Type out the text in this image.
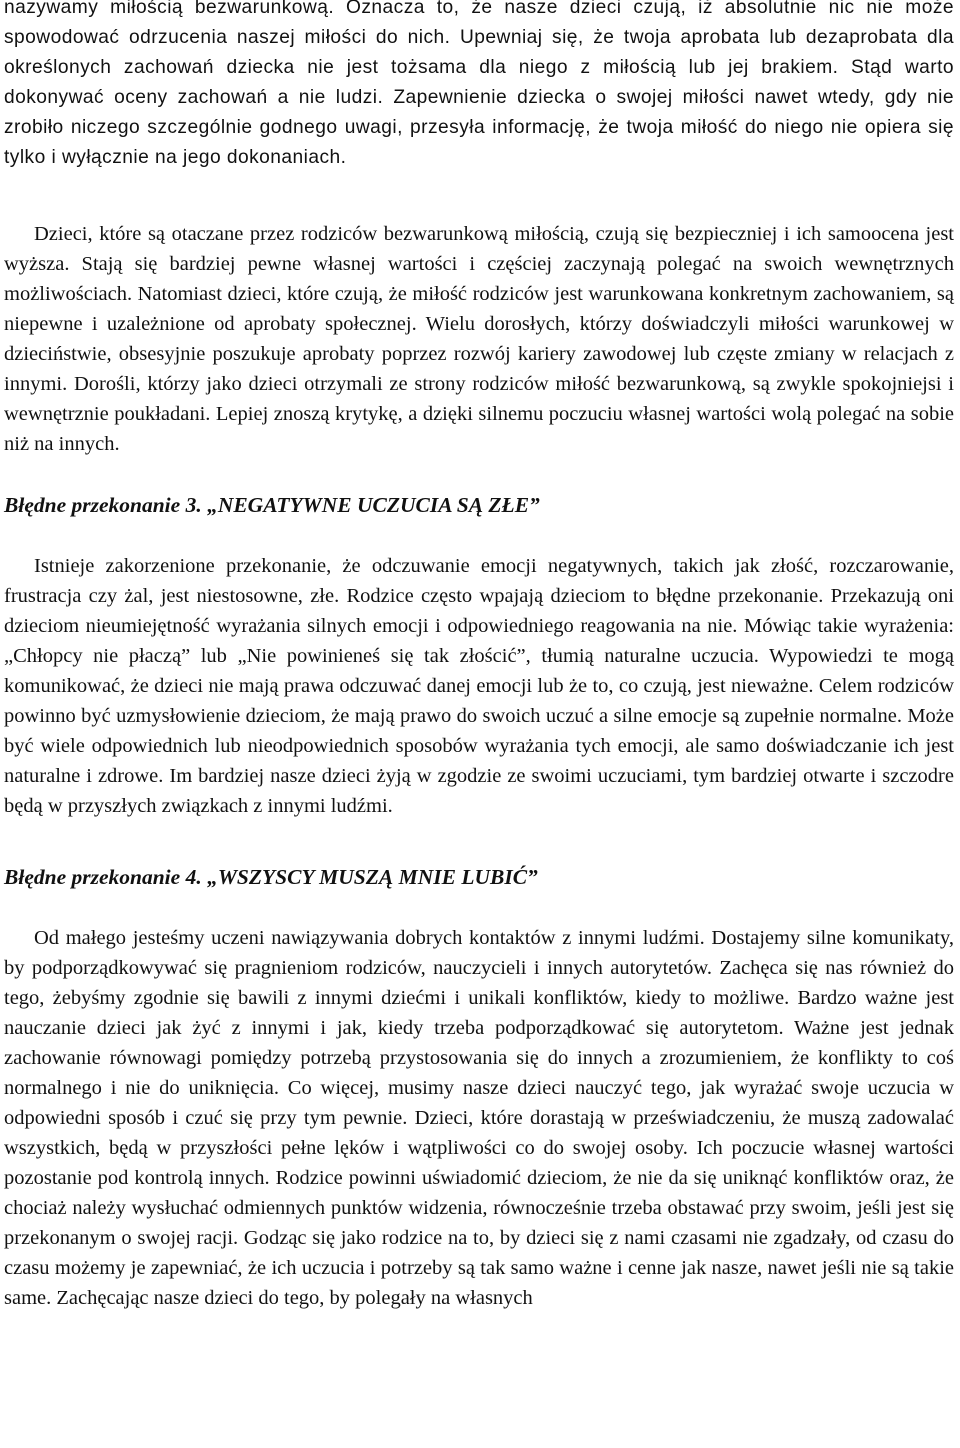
nazywamy miłością bezwarunkową. Oznacza to, że nasze dzieci czują, iż absolutnie nic nie może spowodować odrzucenia naszej miłości do nich. Upewniaj się, że twoja aprobata lub dezaprobata dla określonych zachowań dziecka nie jest tożsama dla niego z miłością lub jej brakiem. Stąd warto dokonywać oceny zachowań a nie ludzi. Zapewnienie dziecka o swojej miłości nawet wtedy, gdy nie zrobiło niczego szczególnie godnego uwagi, przesyła informację, że twoja miłość do niego nie opiera się tylko i wyłącznie na jego dokonaniach.

Dzieci, które są otaczane przez rodziców bezwarunkową miłością, czują się bezpieczniej i ich samoocena jest wyższa. Stają się bardziej pewne własnej wartości i częściej zaczynają polegać na swoich wewnętrznych możliwościach. Natomiast dzieci, które czują, że miłość rodziców jest warunkowana konkretnym zachowaniem, są niepewne i uzależnione od aprobaty społecznej. Wielu dorosłych, którzy doświadczyli miłości warunkowej w dzieciństwie, obsesyjnie poszukuje aprobaty poprzez rozwój kariery zawodowej lub częste zmiany w relacjach z innymi. Dorośli, którzy jako dzieci otrzymali ze strony rodziców miłość bezwarunkową, są zwykle spokojniejsi i wewnętrznie poukładani. Lepiej znoszą krytykę, a dzięki silnemu poczuciu własnej wartości wolą polegać na sobie niż na innych.

Błędne przekonanie 3. „NEGATYWNE UCZUCIA SĄ ZŁE”

Istnieje zakorzenione przekonanie, że odczuwanie emocji negatywnych, takich jak złość, rozczarowanie, frustracja czy żal, jest niestosowne, złe. Rodzice często wpajają dzieciom to błędne przekonanie. Przekazują oni dzieciom nieumiejętność wyrażania silnych emocji i odpowiedniego reagowania na nie. Mówiąc takie wyrażenia: „Chłopcy nie płaczą” lub „Nie powinieneś się tak złościć”, tłumią naturalne uczucia. Wypowiedzi te mogą komunikować, że dzieci nie mają prawa odczuwać danej emocji lub że to, co czują, jest nieważne. Celem rodziców powinno być uzmysłowienie dzieciom, że mają prawo do swoich uczuć a silne emocje są zupełnie normalne. Może być wiele odpowiednich lub nieodpowiednich sposobów wyrażania tych emocji, ale samo doświadczanie ich jest naturalne i zdrowe. Im bardziej nasze dzieci żyją w zgodzie ze swoimi uczuciami, tym bardziej otwarte i szczodre będą w przyszłych związkach z innymi ludźmi.

Błędne przekonanie 4. „WSZYSCY MUSZĄ MNIE LUBIĆ”

Od małego jesteśmy uczeni nawiązywania dobrych kontaktów z innymi ludźmi. Dostajemy silne komunikaty, by podporządkowywać się pragnieniom rodziców, nauczycieli i innych autorytetów. Zachęca się nas również do tego, żebyśmy zgodnie się bawili z innymi dziećmi i unikali konfliktów, kiedy to możliwe. Bardzo ważne jest nauczanie dzieci jak żyć z innymi i jak, kiedy trzeba podporządkować się autorytetom. Ważne jest jednak zachowanie równowagi pomiędzy potrzebą przystosowania się do innych a zrozumieniem, że konflikty to coś normalnego i nie do uniknięcia. Co więcej, musimy nasze dzieci nauczyć tego, jak wyrażać swoje uczucia w odpowiedni sposób i czuć się przy tym pewnie. Dzieci, które dorastają w przeświadczeniu, że muszą zadowalać wszystkich, będą w przyszłości pełne lęków i wątpliwości co do swojej osoby. Ich poczucie własnej wartości pozostanie pod kontrolą innych. Rodzice powinni uświadomić dzieciom, że nie da się uniknąć konfliktów oraz, że chociaż należy wysłuchać odmiennych punktów widzenia, równocześnie trzeba obstawać przy swoim, jeśli jest się przekonanym o swojej racji. Godząc się jako rodzice na to, by dzieci się z nami czasami nie zgadzały, od czasu do czasu możemy je zapewniać, że ich uczucia i potrzeby są tak samo ważne i cenne jak nasze, nawet jeśli nie są takie same. Zachęcając nasze dzieci do tego, by polegały na własnych
